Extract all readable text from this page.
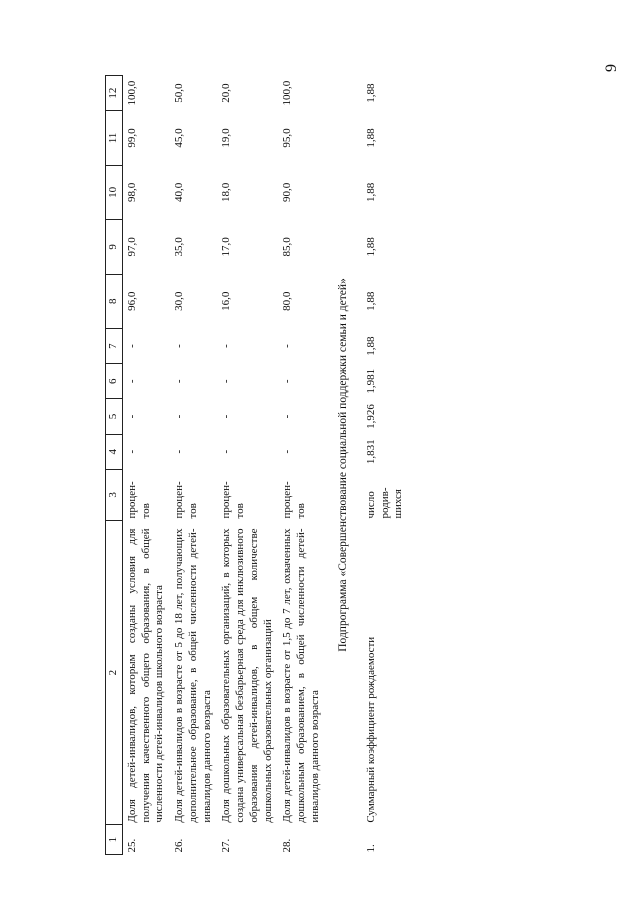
9
1	2	3	4	5	6	7	8	9	10	11	12
25.	Доля детей-инвалидов, которым созданы условия для получения качественного общего образования, в общей численности детей-инвалидов школьного возраста	процен-тов	-	-	-	-	96,0	97,0	98,0	99,0	100,0
26.	Доля детей-инвалидов в возрасте от 5 до 18 лет, получающих дополнительное образование, в общей численности детей-инвалидов данного возраста	процен-тов	-	-	-	-	30,0	35,0	40,0	45,0	50,0
27.	Доля дошкольных образовательных организаций, в которых создана универсальная безбарьерная среда для инклюзивного образования детей-инвалидов, в общем количестве дошкольных образовательных организаций	процен-тов	-	-	-	-	16,0	17,0	18,0	19,0	20,0
28.	Доля детей-инвалидов в возрасте от 1,5 до 7 лет, охваченных дошкольным образованием, в общей численности детей-инвалидов данного возраста	процен-тов	-	-	-	-	80,0	85,0	90,0	95,0	100,0
Подпрограмма «Совершенствование социальной поддержки семьи и детей»											
1.	Суммарный коэффициент рождаемости	число родив-шихся	1,831	1,926	1,981	1,88	1,88	1,88	1,88	1,88	1,88
